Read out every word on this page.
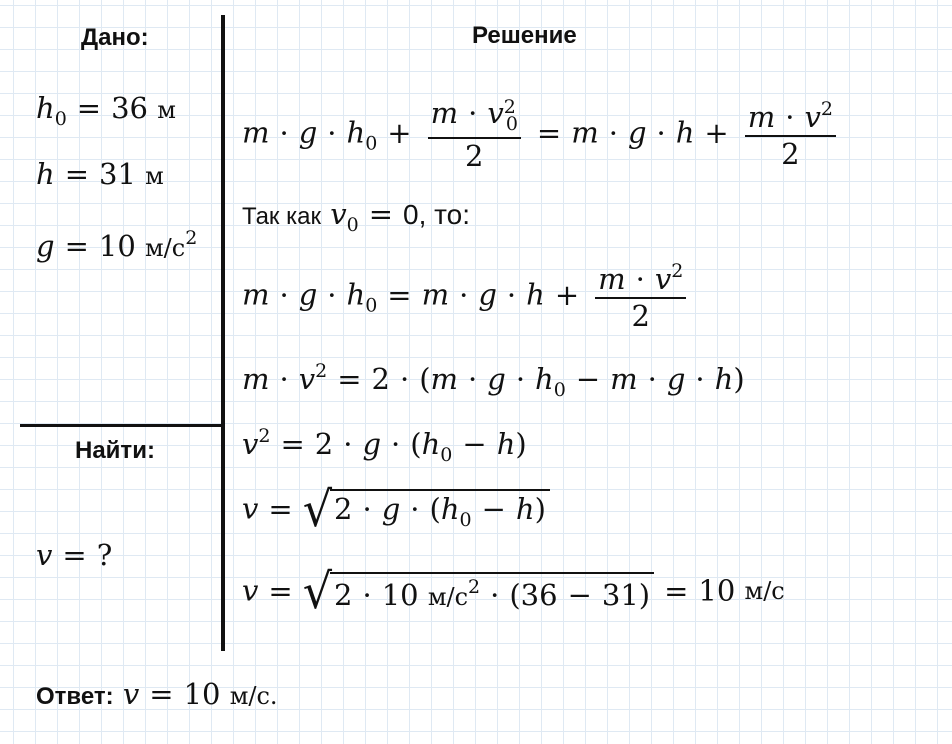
Дано:	Решение
Найти:
$h_0 = 36$ м
h = 31 м
g = 10 $м/с^2$
v = ?
$m \cdot g \cdot h_0 + \frac{m \cdot v^2_0}{2} = m \cdot g \cdot h + \frac{m \cdot v^2}{2}$
Так как $v_0 = 0$, то:
$m \cdot g \cdot h_0 = m \cdot g \cdot h + \frac{m \cdot v^2}{2}$
$m \cdot v^2 = 2 \cdot (m \cdot g \cdot h_0 - m \cdot g \cdot h)$
$v^2 = 2 \cdot g \cdot (h_0 - h)$
$v = √2 \cdot g \cdot (h_0 - h)$
v = √2 · 10 $м/с^2 \cdot (36 - 31) = 10$ м/с
Ответ: v = 10 м/с.
